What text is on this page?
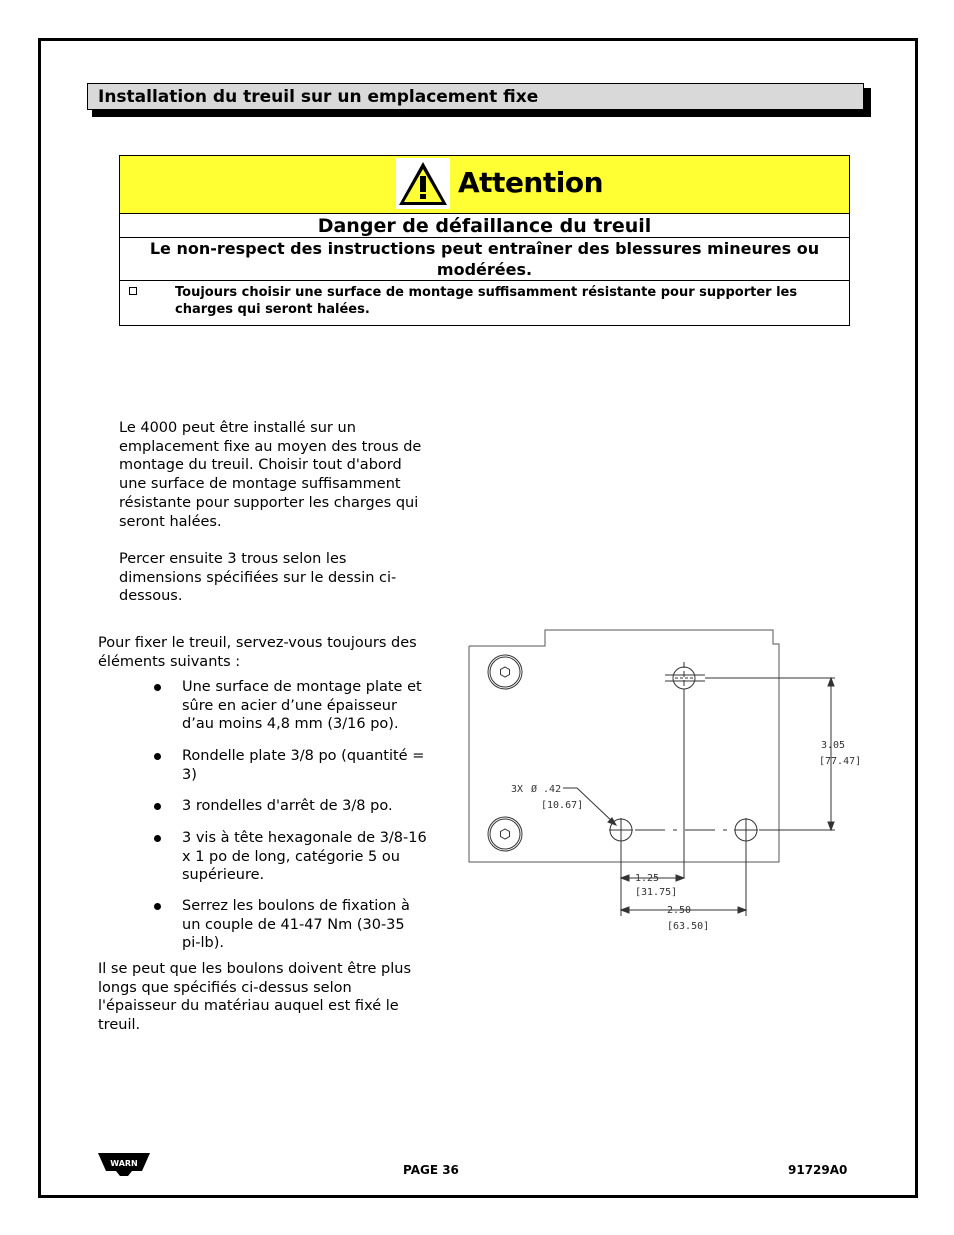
Installation du treuil sur un emplacement fixe
Attention
Danger de défaillance du treuil
Le non-respect des instructions peut entraîner des blessures mineures ou modérées.
Toujours choisir une surface de montage suffisamment résistante pour supporter les charges qui seront halées.
Le 4000 peut être installé sur un emplacement fixe au moyen des trous de montage du treuil. Choisir tout d'abord une surface de montage suffisamment résistante pour supporter les charges qui seront halées.
Percer ensuite 3 trous selon les dimensions spécifiées sur le dessin ci-dessous.
Pour fixer le treuil, servez-vous toujours des éléments suivants :
Une surface de montage plate et sûre en acier d’une épaisseur d’au moins 4,8 mm (3/16 po).
Rondelle plate 3/8 po (quantité = 3)
3 rondelles d'arrêt de 3/8 po.
3 vis à tête hexagonale de 3/8-16 x 1 po de long, catégorie 5 ou supérieure.
Serrez les boulons de fixation à un couple de 41-47 Nm (30-35 pi-lb).
Il se peut que les boulons doivent être plus longs que spécifiés ci-dessus selon l'épaisseur du matériau auquel est fixé le treuil.
3.05
[77.47]
3X Ø .42
[10.67]
1.25
[31.75]
2.50
[63.50]
WARN	PAGE 36	91729A0
